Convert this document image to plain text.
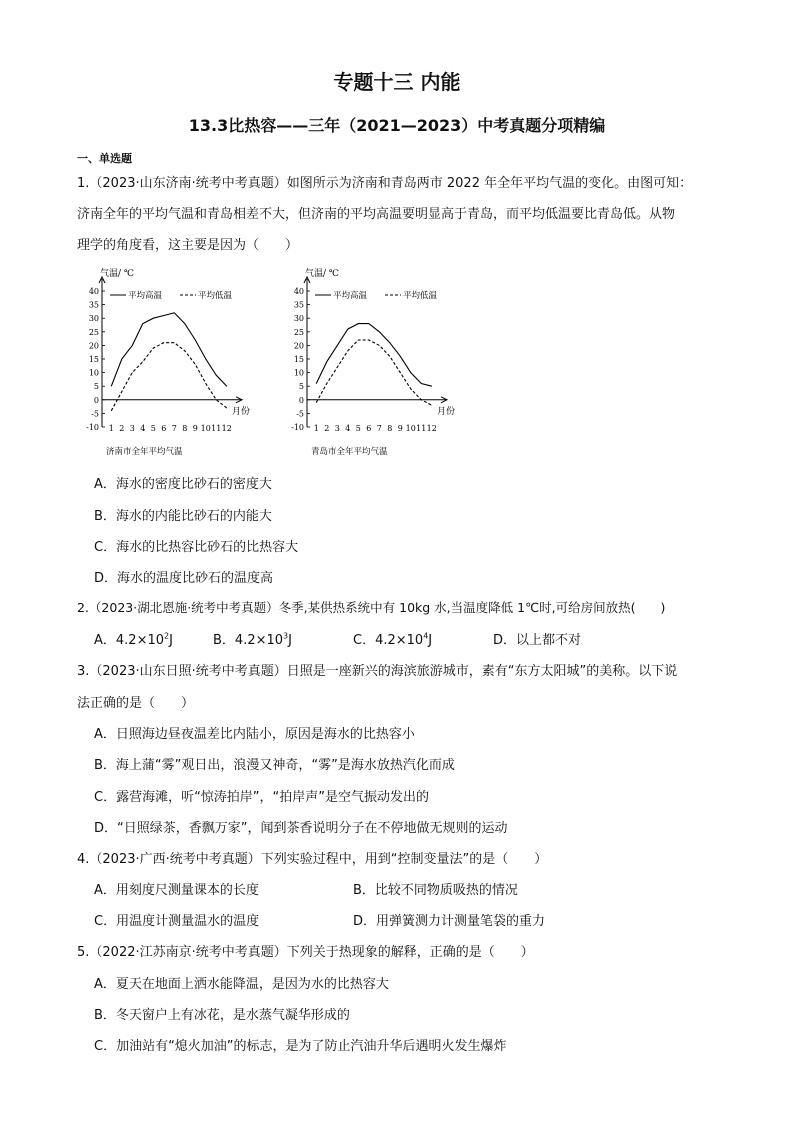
专题十三 内能
13.3比热容——三年（2021—2023）中考真题分项精编
一、单选题
1.（2023·山东济南·统考中考真题）如图所示为济南和青岛两市 2022 年全年平均气温的变化。由图可知：
济南全年的平均气温和青岛相差不大，但济南的平均高温要明显高于青岛，而平均低温要比青岛低。从物
理学的角度看，这主要是因为（　　）
40
35
30
25
20
15
10
5
0
-5
-10 1 2 3 4 5 6 7 8 9 10 11 12
气温/ ℃
月份
平均高温	平均低温
济南市全年平均气温
40
35
30
25
20
15
10
5
0
-5
-10 1 2 3 4 5 6 7 8 9 10 11 12
气温/ ℃
月份
平均高温	平均低温
青岛市全年平均气温
A．海水的密度比砂石的密度大
B．海水的内能比砂石的内能大
C．海水的比热容比砂石的比热容大
D．海水的温度比砂石的温度高
2.（2023·湖北恩施·统考中考真题）冬季,某供热系统中有 10kg 水,当温度降低 1℃时,可给房间放热(　　)
A．$4.2\times 10^2J$	B．$4.2\times 10^3J$	C．$4.2\times 10^4J$	D．以上都不对
3.（2023·山东日照·统考中考真题）日照是一座新兴的海滨旅游城市，素有“东方太阳城”的美称。以下说
法正确的是（　　）
A．日照海边昼夜温差比内陆小，原因是海水的比热容小
B．海上蒲“雾”观日出，浪漫又神奇，“雾”是海水放热汽化而成
C．露营海滩，听“惊涛拍岸”，“拍岸声”是空气振动发出的
D．“日照绿茶，香飘万家”，闻到茶香说明分子在不停地做无规则的运动
4.（2023·广西·统考中考真题）下列实验过程中，用到“控制变量法”的是（　　）
A．用刻度尺测量课本的长度	B．比较不同物质吸热的情况
C．用温度计测量温水的温度	D．用弹簧测力计测量笔袋的重力
5.（2022·江苏南京·统考中考真题）下列关于热现象的解释，正确的是（　　）
A．夏天在地面上洒水能降温，是因为水的比热容大
B．冬天窗户上有冰花，是水蒸气凝华形成的
C．加油站有“熄火加油”的标志，是为了防止汽油升华后遇明火发生爆炸
